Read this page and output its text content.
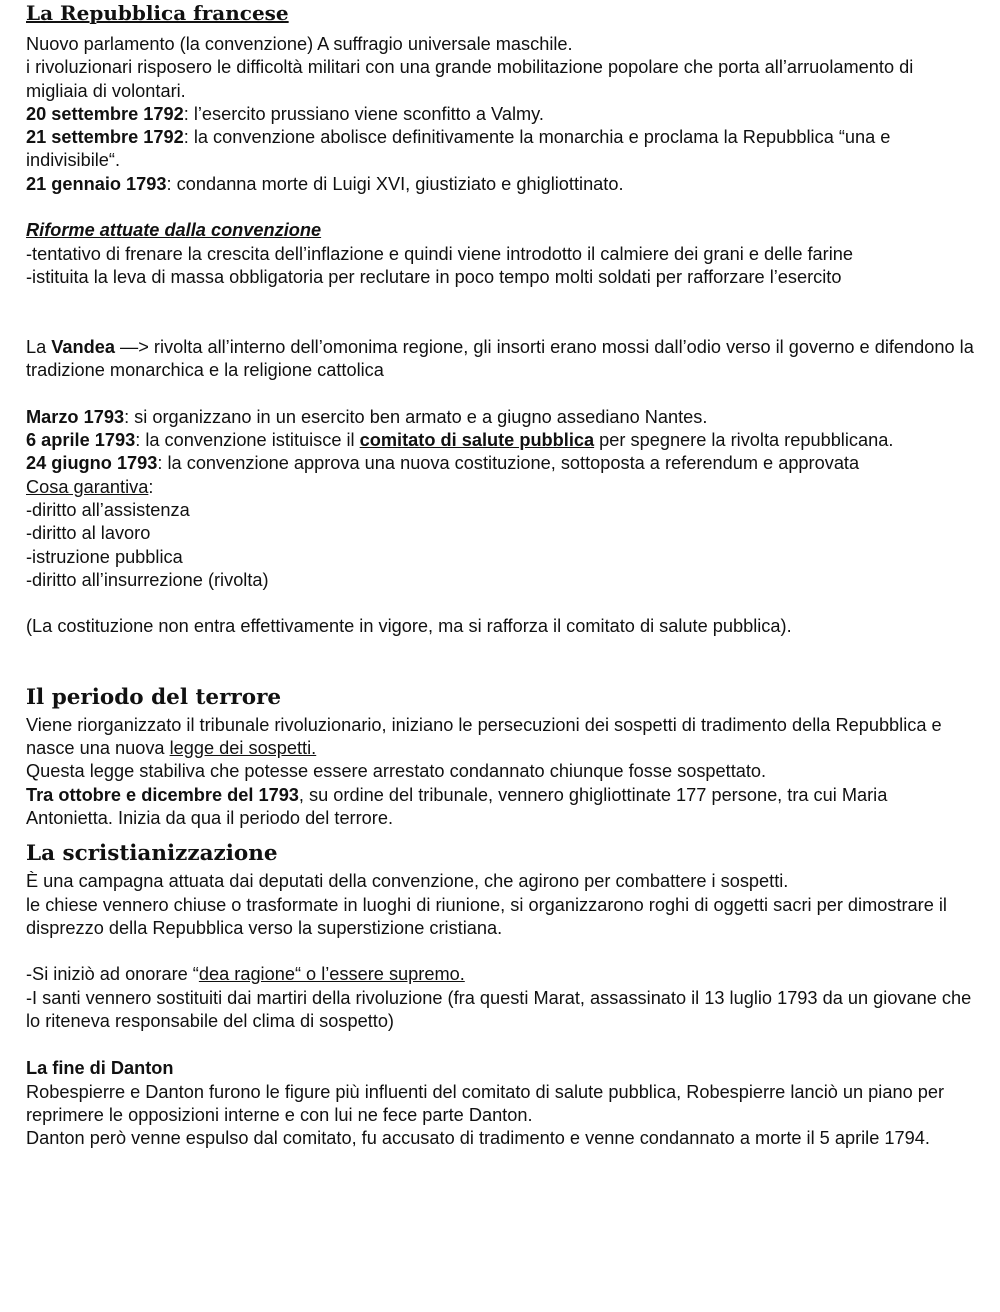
La Repubblica francese

Nuovo parlamento (la convenzione) A suffragio universale maschile.

i rivoluzionari risposero le difficoltà militari con una grande mobilitazione popolare che porta all’arruolamento di migliaia di volontari.

20 settembre 1792: l’esercito prussiano viene sconfitto a Valmy.

21 settembre 1792: la convenzione abolisce definitivamente la monarchia e proclama la Repubblica “una e indivisibile“.

21 gennaio 1793: condanna morte di Luigi XVI, giustiziato e ghigliottinato.

Riforme attuate dalla convenzione

-tentativo di frenare la crescita dell’inflazione e quindi viene introdotto il calmiere dei grani e delle farine

-istituita la leva di massa obbligatoria per reclutare in poco tempo molti soldati per rafforzare l’esercito

La Vandea —> rivolta all’interno dell’omonima regione, gli insorti erano mossi dall’odio verso il governo e difendono la tradizione monarchica e la religione cattolica

Marzo 1793: si organizzano in un esercito ben armato e a giugno assediano Nantes.

6 aprile 1793: la convenzione istituisce il comitato di salute pubblica per spegnere la rivolta repubblicana.

24 giugno 1793: la convenzione approva una nuova costituzione, sottoposta a referendum e approvata

Cosa garantiva:

-diritto all’assistenza

-diritto al lavoro

-istruzione pubblica

-diritto all’insurrezione (rivolta)

(La costituzione non entra effettivamente in vigore, ma si rafforza il comitato di salute pubblica).

Il periodo del terrore

Viene riorganizzato il tribunale rivoluzionario, iniziano le persecuzioni dei sospetti di tradimento della Repubblica e nasce una nuova legge dei sospetti.

Questa legge stabiliva che potesse essere arrestato condannato chiunque fosse sospettato.

Tra ottobre e dicembre del 1793, su ordine del tribunale, vennero ghigliottinate 177 persone, tra cui Maria Antonietta. Inizia da qua il periodo del terrore.

La scristianizzazione

È una campagna attuata dai deputati della convenzione, che agirono per combattere i sospetti.

le chiese vennero chiuse o trasformate in luoghi di riunione, si organizzarono roghi di oggetti sacri per dimostrare il disprezzo della Repubblica verso la superstizione cristiana.

-Si iniziò ad onorare “dea ragione“ o l’essere supremo.

-I santi vennero sostituiti dai martiri della rivoluzione (fra questi Marat, assassinato il 13 luglio 1793 da un giovane che lo riteneva responsabile del clima di sospetto)

La fine di Danton

Robespierre e Danton furono le figure più influenti del comitato di salute pubblica, Robespierre lanciò un piano per reprimere le opposizioni interne e con lui ne fece parte Danton.

Danton però venne espulso dal comitato, fu accusato di tradimento e venne condannato a morte il 5 aprile 1794.
